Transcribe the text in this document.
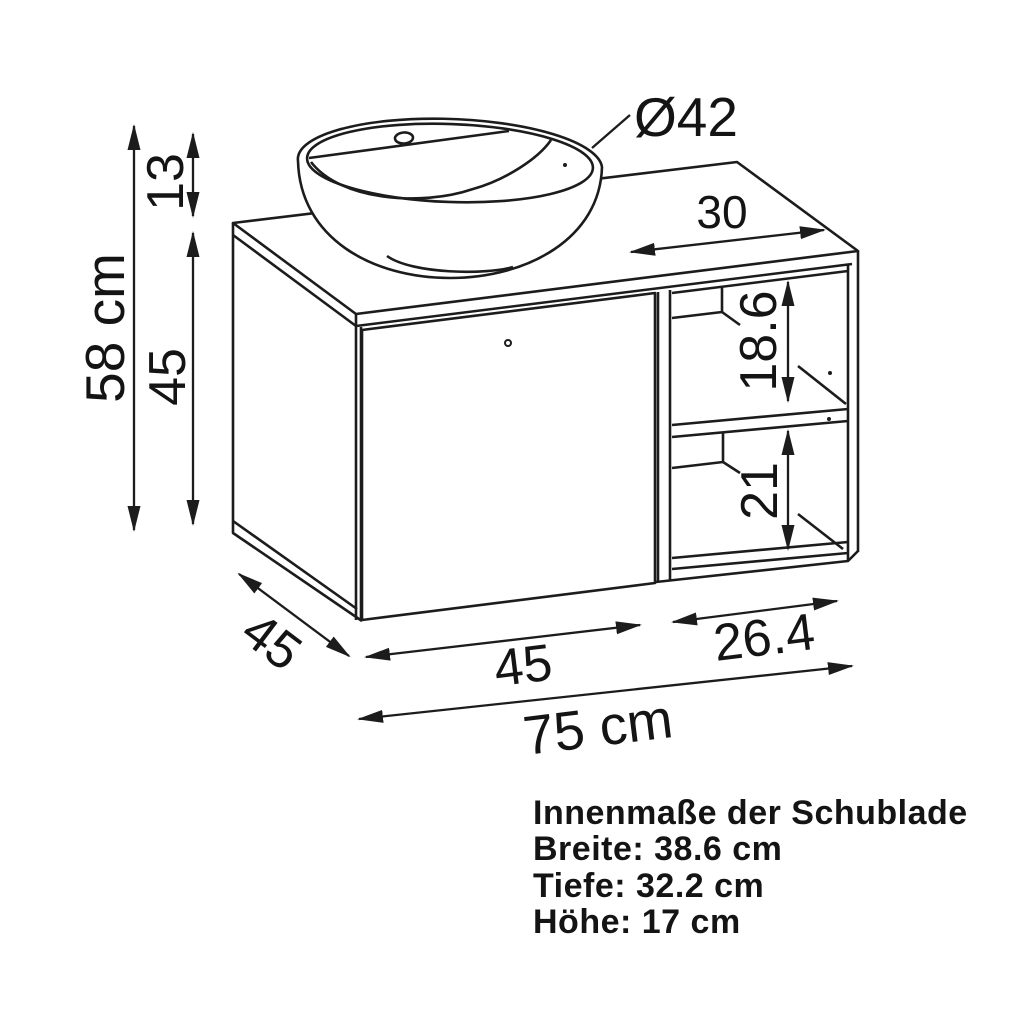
Ø42
58 cm
13
45
30
18.6
21
45	45	26.4
75 cm
Innenmaße der Schublade
Breite: 38.6 cm
Tiefe: 32.2 cm
Höhe: 17 cm
